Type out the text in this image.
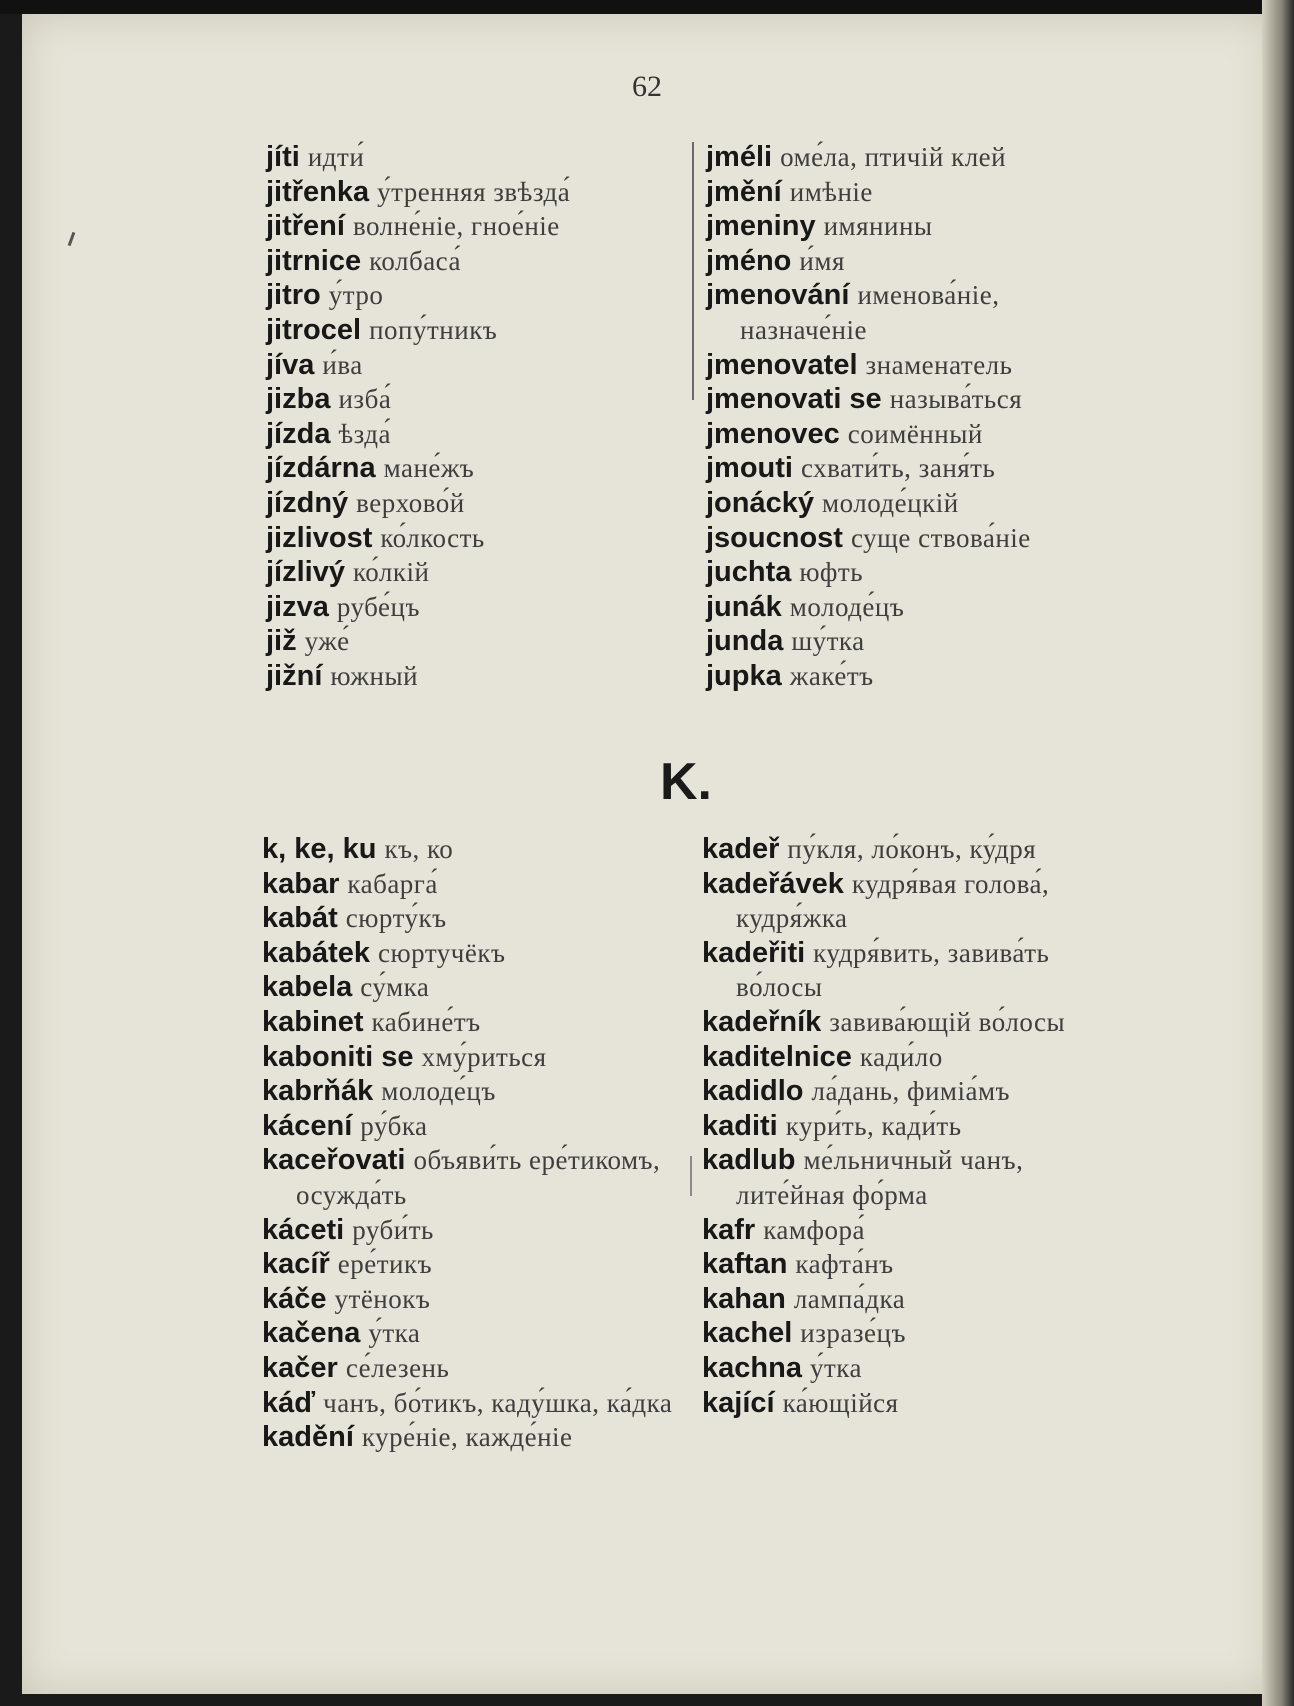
62
jíti идти́
jitřenka у́тренняя звѣзда́
jitření волне́ніе, гное́ніе
jitrnice колбаса́
jitro у́тро
jitrocel попу́тникъ
jíva и́ва
jizba изба́
jízda ѣзда́
jízdárna мане́жъ
jízdný верхово́й
jizlivost ко́лкость
jízlivý ко́лкій
jizva рубе́цъ
již уже́
jižní южный
jméli оме́ла, птичій клей
jmění имѣніе
jmeniny имянины
jméno и́мя
jmenování именова́ніе, назначе́ніе
jmenovatel знаменатель
jmenovati se называ́ться
jmenovec соимённый
jmouti схвати́ть, заня́ть
jonácký молоде́цкій
jsoucnost суще ствова́ніе
juchta юфть
junák молоде́цъ
junda шу́тка
jupka жаке́тъ
K.
k, ke, ku къ, ко
kabar кабарга́
kabát сюрту́къ
kabátek сюртучёкъ
kabela су́мка
kabinet кабине́тъ
kaboniti se хму́риться
kabrňák молоде́цъ
kácení ру́бка
kaceřovati объяви́ть ере́тикомъ, осужда́ть
káceti руби́ть
kacíř ере́тикъ
káče утёнокъ
kačena у́тка
kačer се́лезень
káď чанъ, бо́тикъ, каду́шка, ка́дка
kadění куре́ніе, кажде́ніе
kadeř пу́кля, ло́конъ, ку́дря
kadeřávek кудря́вая голова́, кудря́жка
kadeřiti кудря́вить, завива́ть во́лосы
kadeřník завива́ющій во́лосы
kaditelnice кади́ло
kadidlo ла́дань, фиміа́мъ
kaditi кури́ть, кади́ть
kadlub ме́льничный чанъ, лите́йная фо́рма
kafr камфора́
kaftan кафта́нъ
kahan лампа́дка
kachel изразе́цъ
kachna у́тка
kající ка́ющійся
